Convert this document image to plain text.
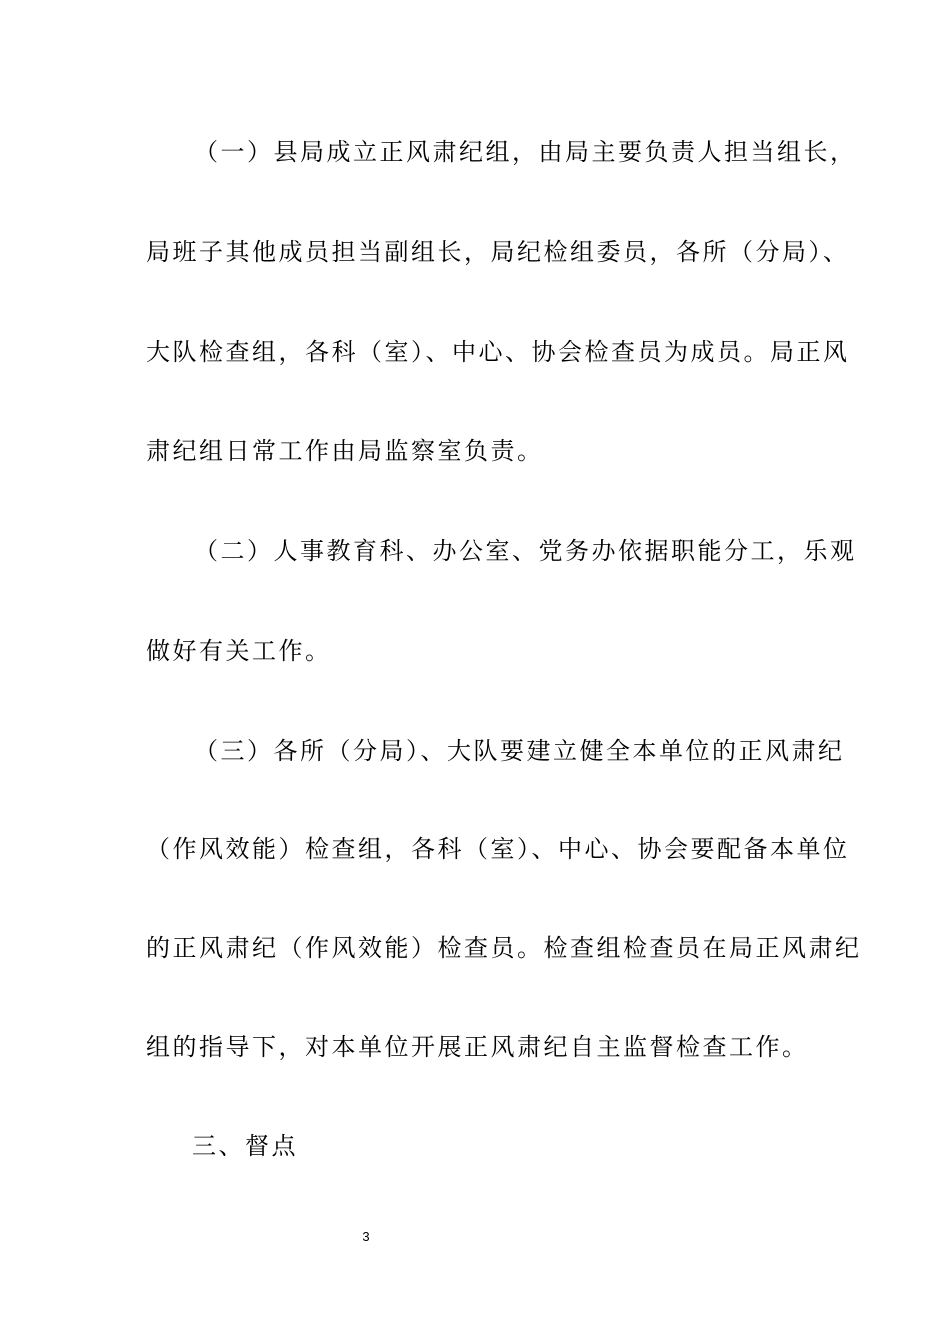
（一）县局成立正风肃纪组，由局主要负责人担当组长，
局班子其他成员担当副组长，局纪检组委员，各所（分局）、
大队检查组，各科（室）、中心、协会检查员为成员。局正风
肃纪组日常工作由局监察室负责。
（二）人事教育科、办公室、党务办依据职能分工，乐观
做好有关工作。
（三）各所（分局）、大队要建立健全本单位的正风肃纪
（作风效能）检查组，各科（室）、中心、协会要配备本单位
的正风肃纪（作风效能）检查员。检查组检查员在局正风肃纪
组的指导下，对本单位开展正风肃纪自主监督检查工作。
三、督点
3
